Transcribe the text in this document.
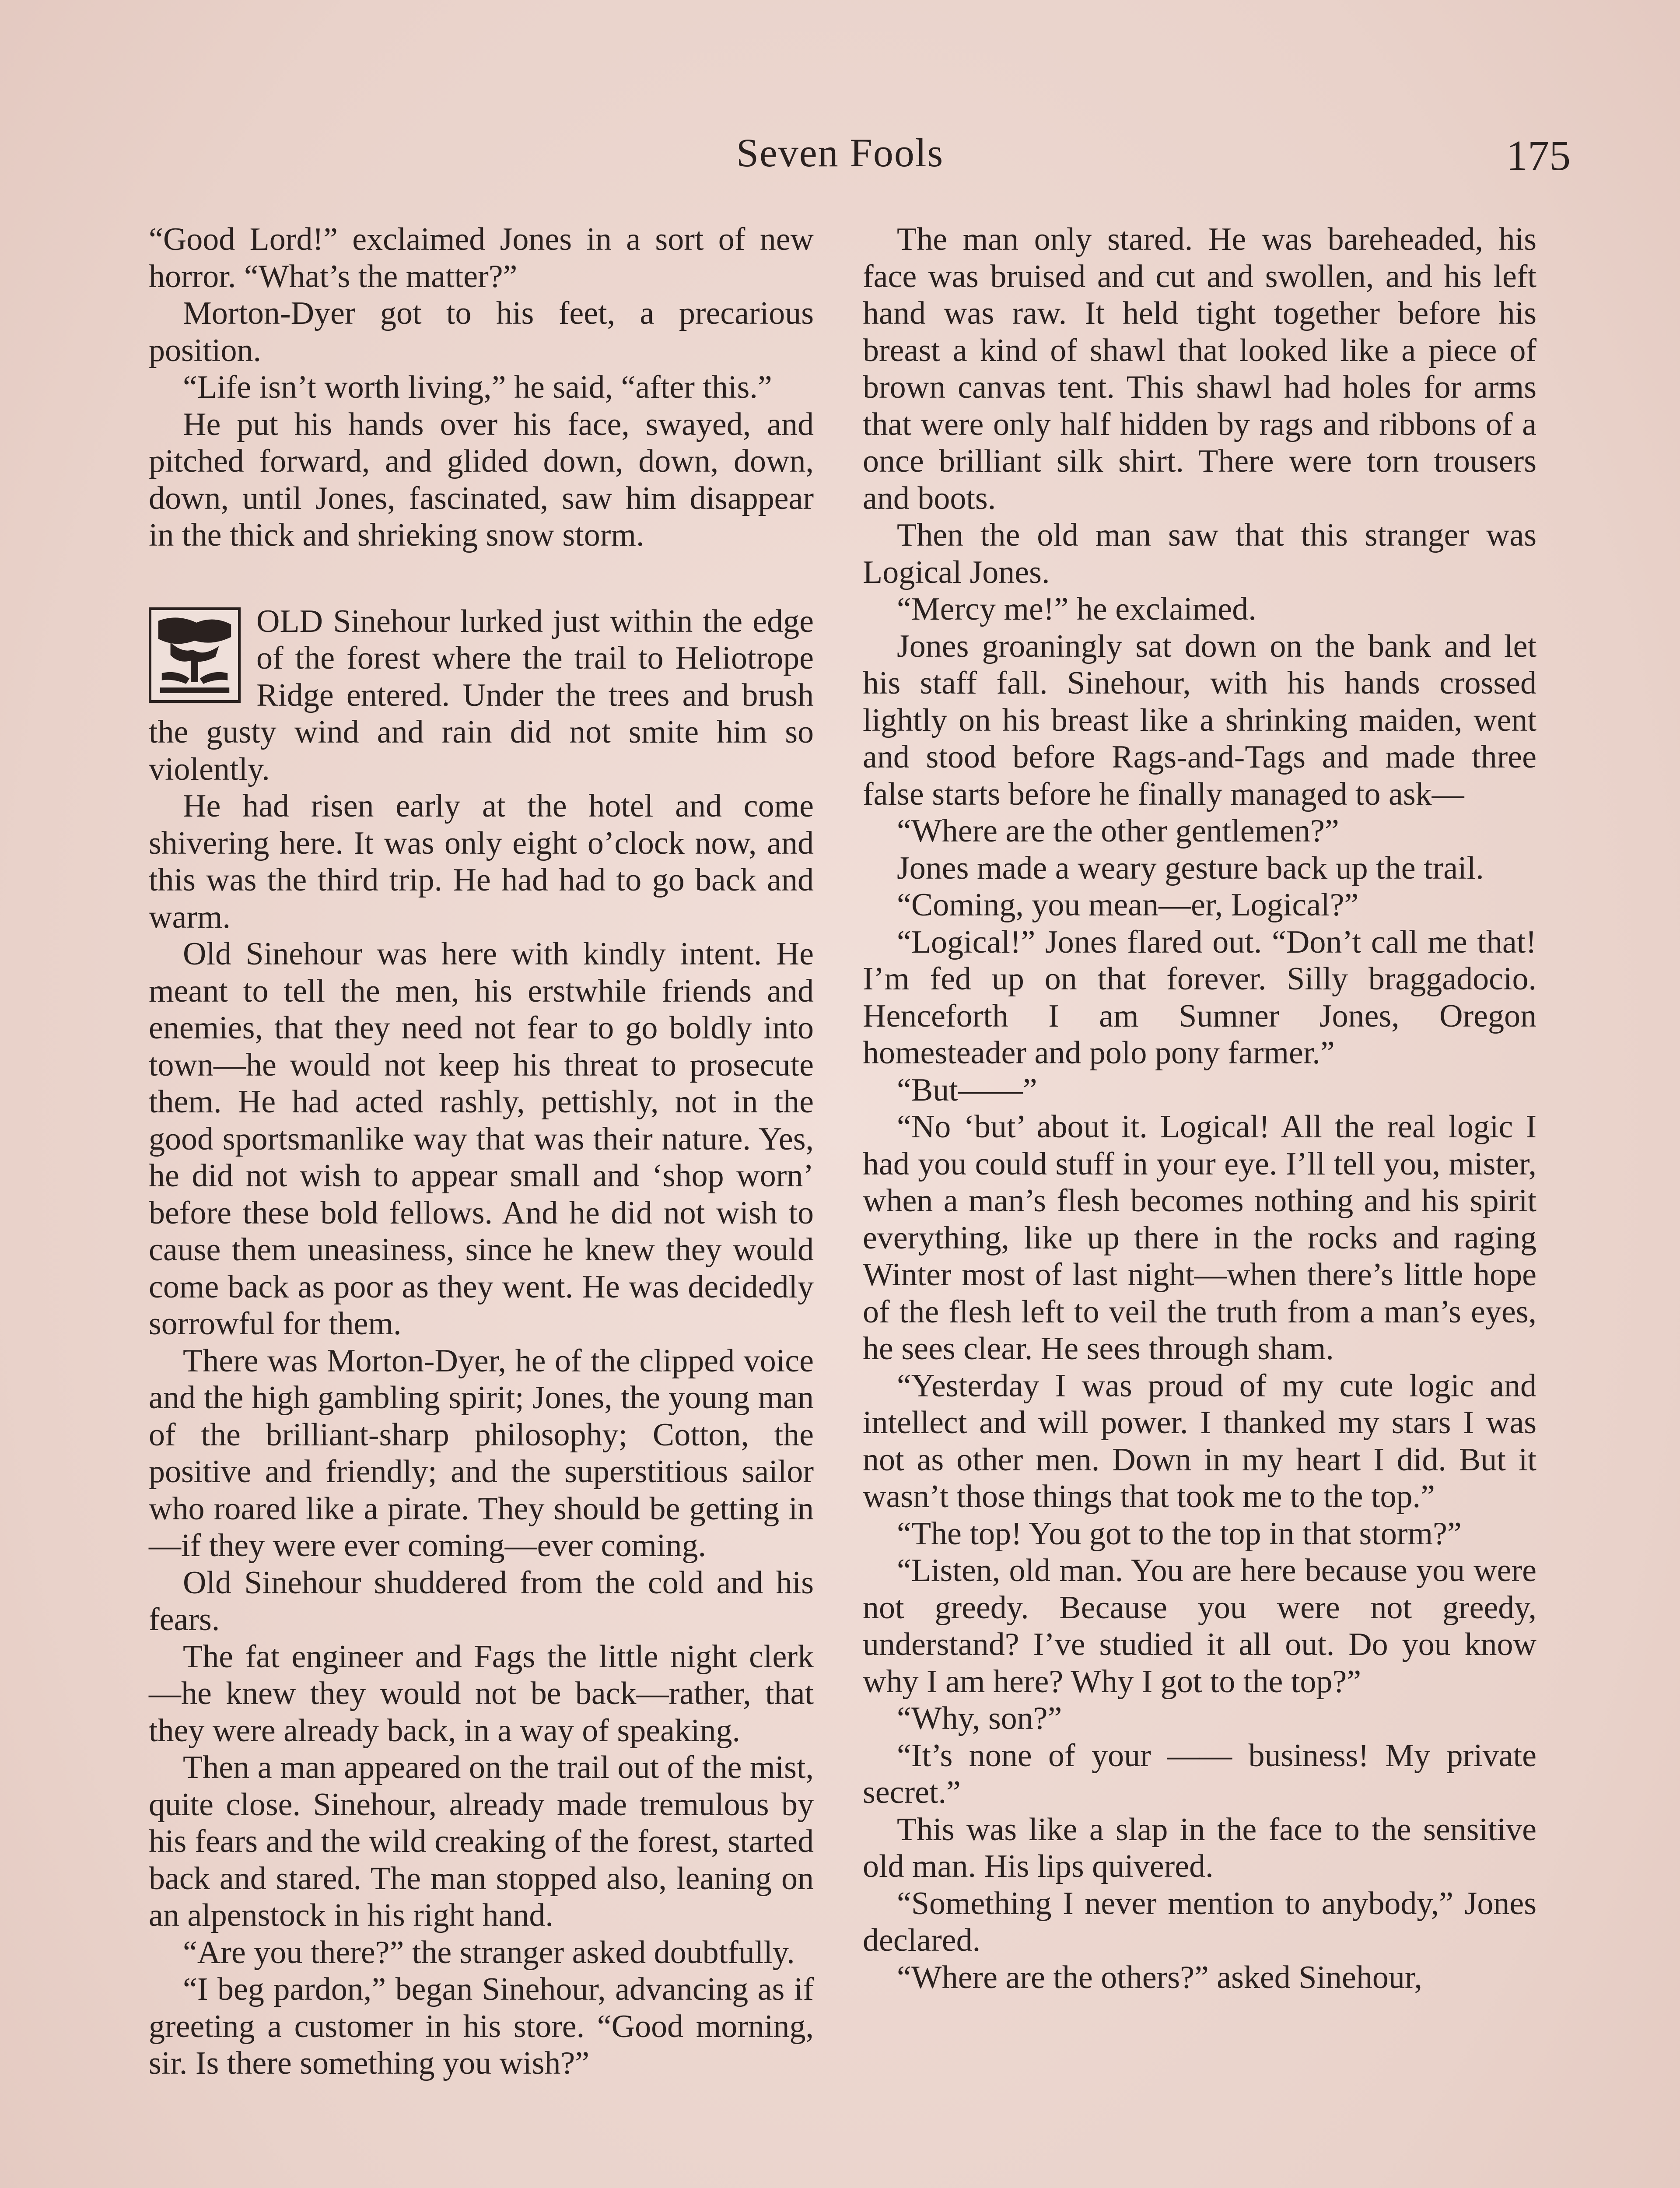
Seven Fools	175

“Good Lord!” exclaimed Jones in a sort of new horror. “What’s the matter?”

Morton-Dyer got to his feet, a precarious position.

“Life isn’t worth living,” he said, “after this.”

He put his hands over his face, swayed, and pitched forward, and glided down, down, down, down, until Jones, fascinated, saw him disappear in the thick and shrieking snow storm.

OLD Sinehour lurked just within the edge of the forest where the trail to Heliotrope Ridge entered. Under the trees and brush the gusty wind and rain did not smite him so violently.

He had risen early at the hotel and come shivering here. It was only eight o’clock now, and this was the third trip. He had had to go back and warm.

Old Sinehour was here with kindly intent. He meant to tell the men, his erstwhile friends and enemies, that they need not fear to go boldly into town—he would not keep his threat to prosecute them. He had acted rashly, pettishly, not in the good sportsmanlike way that was their nature. Yes, he did not wish to appear small and ‘shop worn’ before these bold fellows. And he did not wish to cause them uneasiness, since he knew they would come back as poor as they went. He was decidedly sorrowful for them.

There was Morton-Dyer, he of the clipped voice and the high gambling spirit; Jones, the young man of the brilliant-sharp philosophy; Cotton, the positive and friendly; and the superstitious sailor who roared like a pirate. They should be getting in—if they were ever coming—ever coming.

Old Sinehour shuddered from the cold and his fears.

The fat engineer and Fags the little night clerk—he knew they would not be back—rather, that they were already back, in a way of speaking.

Then a man appeared on the trail out of the mist, quite close. Sinehour, already made tremulous by his fears and the wild creaking of the forest, started back and stared. The man stopped also, leaning on an alpenstock in his right hand.

“Are you there?” the stranger asked doubtfully.

“I beg pardon,” began Sinehour, advancing as if greeting a customer in his store. “Good morning, sir. Is there something you wish?”

The man only stared. He was bareheaded, his face was bruised and cut and swollen, and his left hand was raw. It held tight together before his breast a kind of shawl that looked like a piece of brown canvas tent. This shawl had holes for arms that were only half hidden by rags and ribbons of a once brilliant silk shirt. There were torn trousers and boots.

Then the old man saw that this stranger was Logical Jones.

“Mercy me!” he exclaimed.

Jones groaningly sat down on the bank and let his staff fall. Sinehour, with his hands crossed lightly on his breast like a shrinking maiden, went and stood before Rags-and-Tags and made three false starts before he finally managed to ask—

“Where are the other gentlemen?”

Jones made a weary gesture back up the trail.

“Coming, you mean—er, Logical?”

“Logical!” Jones flared out. “Don’t call me that! I’m fed up on that forever. Silly braggadocio. Henceforth I am Sumner Jones, Oregon homesteader and polo pony farmer.”

“But——”

“No ‘but’ about it. Logical! All the real logic I had you could stuff in your eye. I’ll tell you, mister, when a man’s flesh becomes nothing and his spirit everything, like up there in the rocks and raging Winter most of last night—when there’s little hope of the flesh left to veil the truth from a man’s eyes, he sees clear. He sees through sham.

“Yesterday I was proud of my cute logic and intellect and will power. I thanked my stars I was not as other men. Down in my heart I did. But it wasn’t those things that took me to the top.”

“The top! You got to the top in that storm?”

“Listen, old man. You are here because you were not greedy. Because you were not greedy, understand? I’ve studied it all out. Do you know why I am here? Why I got to the top?”

“Why, son?”

“It’s none of your —— business! My private secret.”

This was like a slap in the face to the sensitive old man. His lips quivered.

“Something I never mention to anybody,” Jones declared.

“Where are the others?” asked Sinehour,
